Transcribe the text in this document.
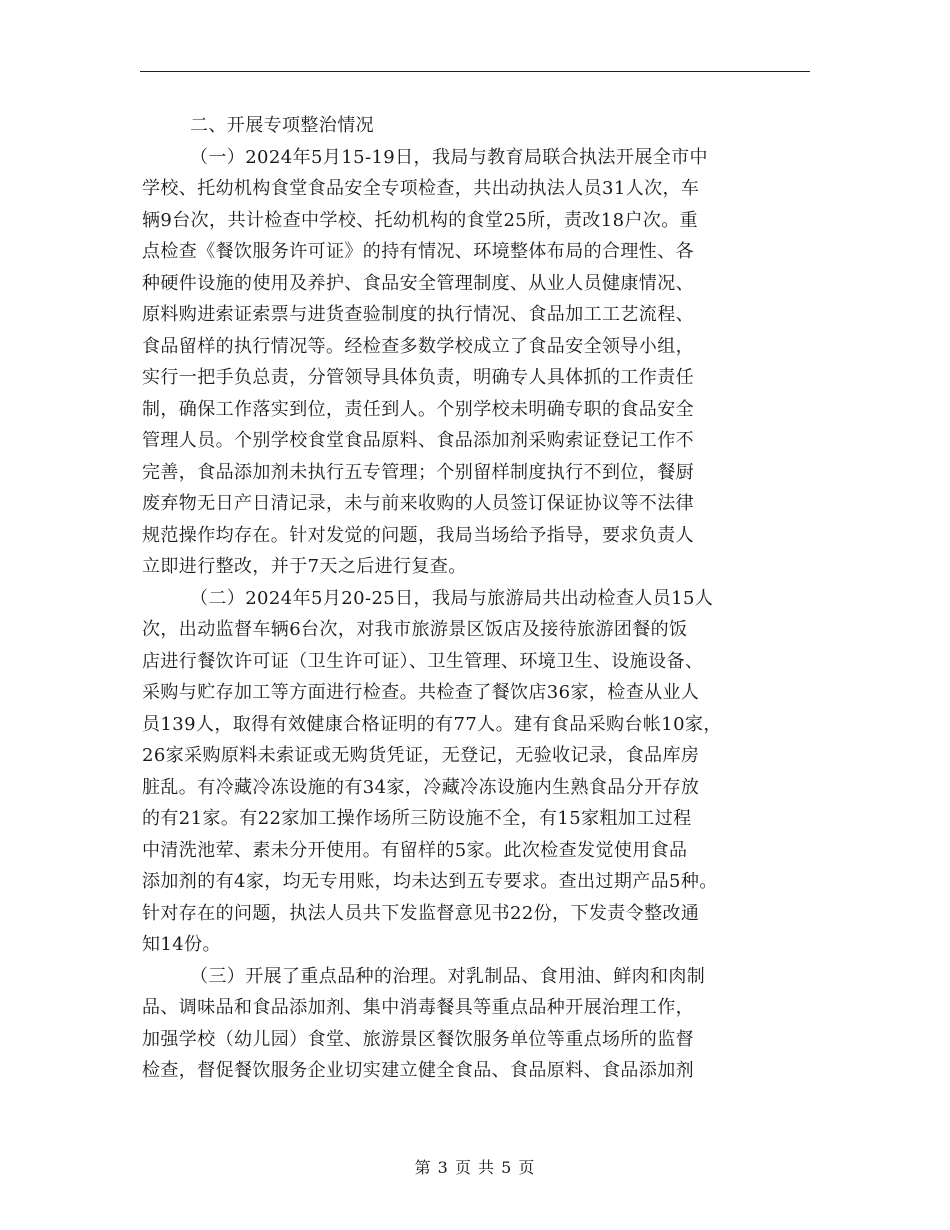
二、开展专项整治情况
（一）2024年5月15-19日，我局与教育局联合执法开展全市中
学校、托幼机构食堂食品安全专项检查，共出动执法人员31人次，车
辆9台次，共计检查中学校、托幼机构的食堂25所，责改18户次。重
点检查《餐饮服务许可证》的持有情况、环境整体布局的合理性、各
种硬件设施的使用及养护、食品安全管理制度、从业人员健康情况、
原料购进索证索票与进货查验制度的执行情况、食品加工工艺流程、
食品留样的执行情况等。经检查多数学校成立了食品安全领导小组，
实行一把手负总责，分管领导具体负责，明确专人具体抓的工作责任
制，确保工作落实到位，责任到人。个别学校未明确专职的食品安全
管理人员。个别学校食堂食品原料、食品添加剂采购索证登记工作不
完善，食品添加剂未执行五专管理；个别留样制度执行不到位，餐厨
废弃物无日产日清记录，未与前来收购的人员签订保证协议等不法律
规范操作均存在。针对发觉的问题，我局当场给予指导，要求负责人
立即进行整改，并于7天之后进行复查。
（二）2024年5月20-25日，我局与旅游局共出动检查人员15人
次，出动监督车辆6台次，对我市旅游景区饭店及接待旅游团餐的饭
店进行餐饮许可证（卫生许可证）、卫生管理、环境卫生、设施设备、
采购与贮存加工等方面进行检查。共检查了餐饮店36家，检查从业人
员139人，取得有效健康合格证明的有77人。建有食品采购台帐10家，
26家采购原料未索证或无购货凭证，无登记，无验收记录，食品库房
脏乱。有冷藏冷冻设施的有34家，冷藏冷冻设施内生熟食品分开存放
的有21家。有22家加工操作场所三防设施不全，有15家粗加工过程
中清洗池荤、素未分开使用。有留样的5家。此次检查发觉使用食品
添加剂的有4家，均无专用账，均未达到五专要求。查出过期产品5种。
针对存在的问题，执法人员共下发监督意见书22份，下发责令整改通
知14份。
（三）开展了重点品种的治理。对乳制品、食用油、鲜肉和肉制
品、调味品和食品添加剂、集中消毒餐具等重点品种开展治理工作，
加强学校（幼儿园）食堂、旅游景区餐饮服务单位等重点场所的监督
检查，督促餐饮服务企业切实建立健全食品、食品原料、食品添加剂
第 3 页 共 5 页
